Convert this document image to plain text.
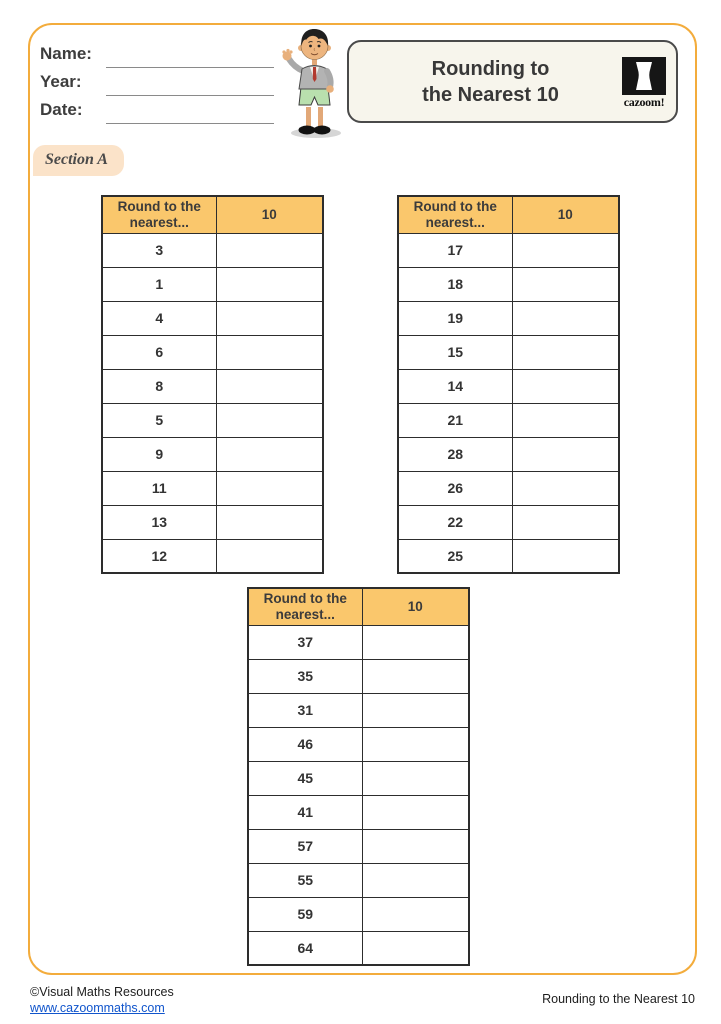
Name:
Year:
Date:
Rounding to
the Nearest 10	cazoom!
Section A
Round to the nearest...	10
3	
1	
4	
6	
8	
5	
9	
11	
13	
12	
Round to the nearest...	10
17	
18	
19	
15	
14	
21	
28	
26	
22	
25	
Round to the nearest...	10
37	
35	
31	
46	
45	
41	
57	
55	
59	
64	
©Visual Maths Resources
www.cazoommaths.com
Rounding to the Nearest 10
